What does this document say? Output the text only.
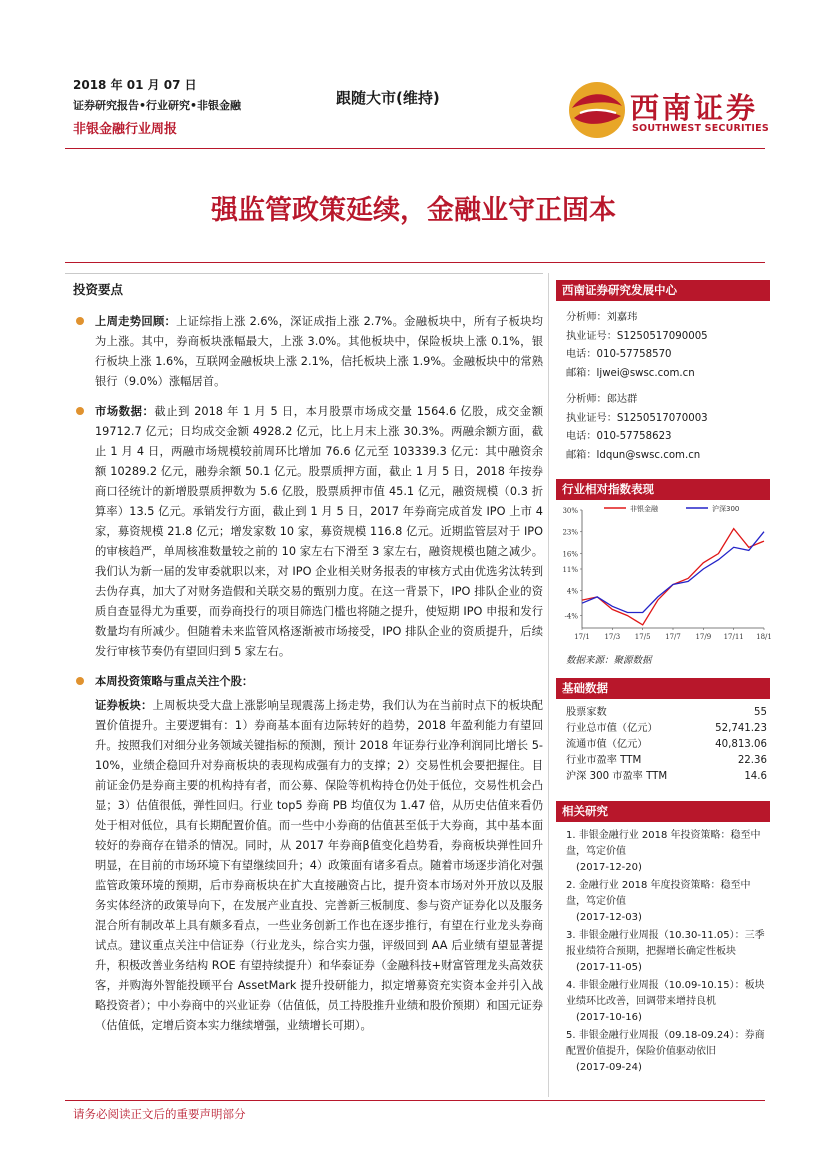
2018 年 01 月 07 日
证券研究报告•行业研究•非银金融
非银金融行业周报
跟随大市(维持)	西南证券
SOUTHWEST SECURITIES
强监管政策延续，金融业守正固本
投资要点
上周走势回顾：上证综指上涨 2.6%，深证成指上涨 2.7%。金融板块中，所有子板块均为上涨。其中，券商板块涨幅最大，上涨 3.0%。其他板块中，保险板块上涨 0.1%，银行板块上涨 1.6%，互联网金融板块上涨 2.1%，信托板块上涨 1.9%。金融板块中的常熟银行（9.0%）涨幅居首。
市场数据：截止到 2018 年 1 月 5 日，本月股票市场成交量 1564.6 亿股，成交金额 19712.7 亿元；日均成交金额 4928.2 亿元，比上月末上涨 30.3%。两融余额方面，截止 1 月 4 日，两融市场规模较前周环比增加 76.6 亿元至 103339.3 亿元：其中融资余额 10289.2 亿元，融券余额 50.1 亿元。股票质押方面，截止 1 月 5 日，2018 年按券商口径统计的新增股票质押数为 5.6 亿股，股票质押市值 45.1 亿元，融资规模（0.3 折算率）13.5 亿元。承销发行方面，截止到 1 月 5 日，2017 年券商完成首发 IPO 上市 4 家，募资规模 21.8 亿元；增发家数 10 家，募资规模 116.8 亿元。近期监管层对于 IPO 的审核趋严，单周核准数量较之前的 10 家左右下滑至 3 家左右，融资规模也随之减少。我们认为新一届的发审委就职以来，对 IPO 企业相关财务报表的审核方式由优选劣汰转到去伪存真，加大了对财务造假和关联交易的甄别力度。在这一背景下，IPO 排队企业的资质自查显得尤为重要，而券商投行的项目筛选门槛也将随之提升，使短期 IPO 申报和发行数量均有所减少。但随着未来监管风格逐渐被市场接受，IPO 排队企业的资质提升，后续发行审核节奏仍有望回归到 5 家左右。
本周投资策略与重点关注个股：
证券板块：上周板块受大盘上涨影响呈现震荡上扬走势，我们认为在当前时点下的板块配置价值提升。主要逻辑有：1）券商基本面有边际转好的趋势，2018 年盈利能力有望回升。按照我们对细分业务领域关键指标的预测，预计 2018 年证券行业净利润同比增长 5-10%，业绩企稳回升对券商板块的表现构成强有力的支撑；2）交易性机会要把握住。目前证金仍是券商主要的机构持有者，而公募、保险等机构持仓仍处于低位，交易性机会凸显；3）估值很低，弹性回归。行业 top5 券商 PB 均值仅为 1.47 倍，从历史估值来看仍处于相对低位，具有长期配置价值。而一些中小券商的估值甚至低于大券商，其中基本面较好的券商存在错杀的情况。同时，从 2017 年券商β值变化趋势看，券商板块弹性回升明显，在目前的市场环境下有望继续回升；4）政策面有诸多看点。随着市场逐步消化对强监管政策环境的预期，后市券商板块在扩大直接融资占比，提升资本市场对外开放以及服务实体经济的政策导向下，在发展产业直投、完善新三板制度、参与资产证券化以及服务混合所有制改革上具有颇多看点，一些业务创新工作也在逐步推行，有望在行业龙头券商试点。建议重点关注中信证券（行业龙头，综合实力强，评级回到 AA 后业绩有望显著提升，积极改善业务结构 ROE 有望持续提升）和华泰证券（金融科技+财富管理龙头高效获客，并购海外智能投顾平台 AssetMark 提升投研能力，拟定增募资充实资本金并引入战略投资者）；中小券商中的兴业证券（估值低，员工持股推升业绩和股价预期）和国元证券（估值低，定增后资本实力继续增强，业绩增长可期）。
西南证券研究发展中心
分析师：刘嘉玮
执业证号：S1250517090005
电话：010-57758570
邮箱：ljwei@swsc.com.cn
分析师：郎达群
执业证号：S1250517070003
电话：010-57758623
邮箱：ldqun@swsc.com.cn
行业相对指数表现
-4%
4%
11%
16%
23%
30%
17/1 17/3 17/5 17/7 17/9 17/11 18/1
非银金融	沪深300
数据来源：聚源数据
基础数据
股票家数	55
行业总市值（亿元）	52,741.23
流通市值（亿元）	40,813.06
行业市盈率 TTM	22.36
沪深 300 市盈率 TTM	14.6
相关研究
1. 非银金融行业 2018 年投资策略：稳至中盘，笃定价值
(2017-12-20)
2. 金融行业 2018 年度投资策略：稳至中盘，笃定价值
(2017-12-03)
3. 非银金融行业周报（10.30-11.05）：三季报业绩符合预期，把握增长确定性板块
(2017-11-05)
4. 非银金融行业周报（10.09-10.15）：板块业绩环比改善，回调带来增持良机
(2017-10-16)
5. 非银金融行业周报（09.18-09.24）：券商配置价值提升，保险价值驱动依旧
(2017-09-24)
请务必阅读正文后的重要声明部分
